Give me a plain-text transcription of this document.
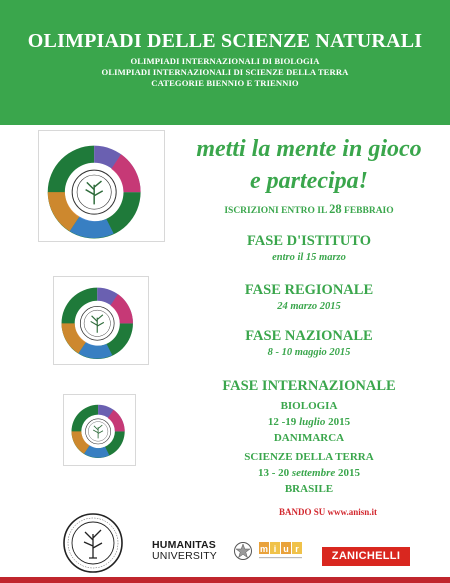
OLIMPIADI DELLE SCIENZE NATURALI
OLIMPIADI INTERNAZIONALI DI BIOLOGIA
OLIMPIADI INTERNAZIONALI DI SCIENZE DELLA TERRA
CATEGORIE BIENNIO E TRIENNIO
metti la mente in gioco
e partecipa!
ISCRIZIONI ENTRO IL 28 FEBBRAIO
FASE D'ISTITUTO
entro il 15 marzo
FASE REGIONALE
24 marzo 2015
FASE NAZIONALE
8 - 10 maggio 2015
FASE INTERNAZIONALE
BIOLOGIA
12 -19 luglio 2015
DANIMARCA
SCIENZE DELLA TERRA
13 - 20 settembre 2015
BRASILE
BANDO SU www.anisn.it
HUMANITAS
UNIVERSITY
m i u r
ZANICHELLI
